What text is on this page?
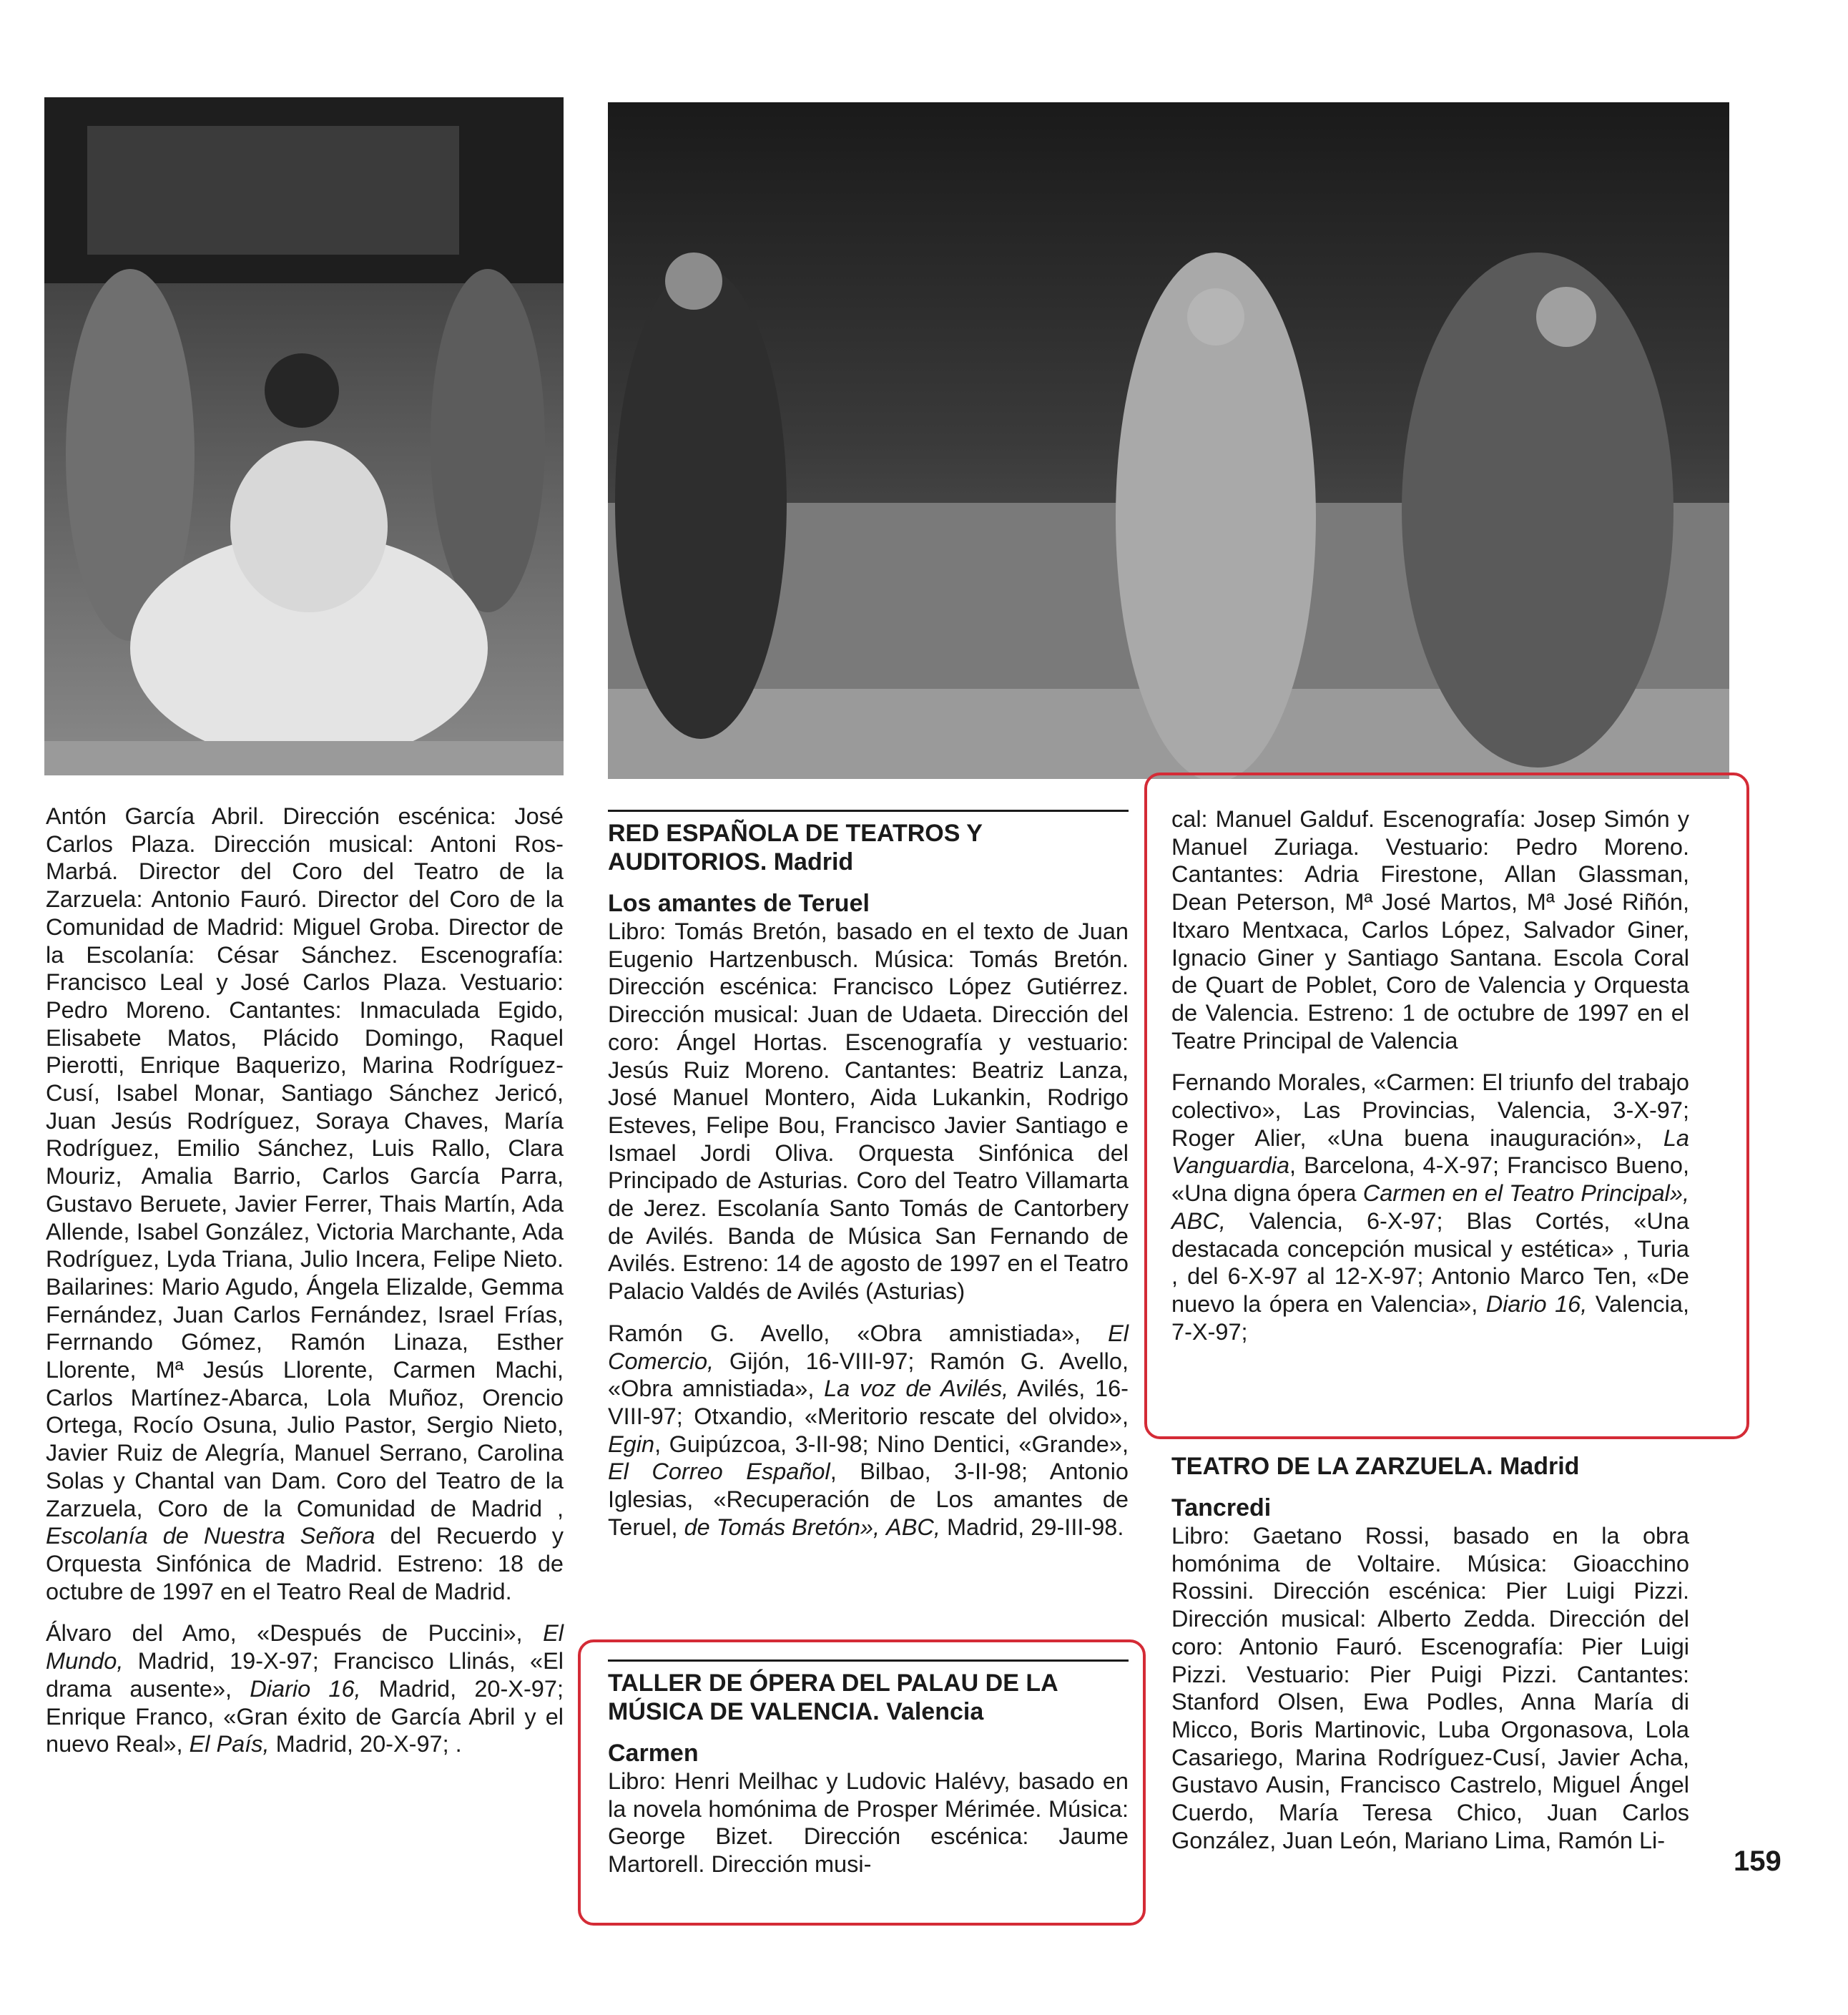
Antón García Abril. Dirección escénica: José Carlos Plaza. Dirección musical: Antoni Ros-Marbá. Director del Coro del Teatro de la Zarzuela: Antonio Fauró. Director del Coro de la Comunidad de Madrid: Miguel Groba. Director de la Escolanía: César Sánchez. Escenografía: Francisco Leal y José Carlos Plaza. Vestuario: Pedro Moreno. Cantantes: Inmaculada Egido, Elisabete Matos, Plácido Domingo, Raquel Pierotti, Enrique Baquerizo, Marina Rodríguez-Cusí, Isabel Monar, Santiago Sánchez Jericó, Juan Jesús Rodríguez, Soraya Chaves, María Rodríguez, Emilio Sánchez, Luis Rallo, Clara Mouriz, Amalia Barrio, Carlos García Parra, Gustavo Beruete, Javier Ferrer, Thais Martín, Ada Allende, Isabel González, Victoria Marchante, Ada Rodríguez, Lyda Triana, Julio Incera, Felipe Nieto. Bailarines: Mario Agudo, Ángela Elizalde, Gemma Fernández, Juan Carlos Fernández, Israel Frías, Ferrnando Gómez, Ramón Linaza, Esther Llorente, Mª Jesús Llorente, Carmen Machi, Carlos Martínez-Abarca, Lola Muñoz, Orencio Ortega, Rocío Osuna, Julio Pastor, Sergio Nieto, Javier Ruiz de Alegría, Manuel Serrano, Carolina Solas y Chantal van Dam. Coro del Teatro de la Zarzuela, Coro de la Comunidad de Madrid , Escolanía de Nuestra Señora del Recuerdo y Orquesta Sinfónica de Madrid. Estreno: 18 de octubre de 1997 en el Teatro Real de Madrid.

Álvaro del Amo, «Después de Puccini», El Mundo, Madrid, 19-X-97; Francisco Llinás, «El drama ausente», Diario 16, Madrid, 20-X-97; Enrique Franco, «Gran éxito de García Abril y el nuevo Real», El País, Madrid, 20-X-97; .

RED ESPAÑOLA DE TEATROS Y AUDITORIOS. Madrid
Los amantes de Teruel

Libro: Tomás Bretón, basado en el texto de Juan Eugenio Hartzenbusch. Música: Tomás Bretón. Dirección escénica: Francisco López Gutiérrez. Dirección musical: Juan de Udaeta. Dirección del coro: Ángel Hortas. Escenografía y vestuario: Jesús Ruiz Moreno. Cantantes: Beatriz Lanza, José Manuel Montero, Aida Lukankin, Rodrigo Esteves, Felipe Bou, Francisco Javier Santiago e Ismael Jordi Oliva. Orquesta Sinfónica del Principado de Asturias. Coro del Teatro Villamarta de Jerez. Escolanía Santo Tomás de Cantorbery de Avilés. Banda de Música San Fernando de Avilés. Estreno: 14 de agosto de 1997 en el Teatro Palacio Valdés de Avilés (Asturias)

Ramón G. Avello, «Obra amnistiada», El Comercio, Gijón, 16-VIII-97; Ramón G. Avello, «Obra amnistiada», La voz de Avilés, Avilés, 16-VIII-97; Otxandio, «Meritorio rescate del olvido», Egin, Guipúzcoa, 3-II-98; Nino Dentici, «Grande», El Correo Español, Bilbao, 3-II-98; Antonio Iglesias, «Recuperación de Los amantes de Teruel, de Tomás Bretón», ABC, Madrid, 29-III-98.

TALLER DE ÓPERA DEL PALAU DE LA MÚSICA DE VALENCIA. Valencia
Carmen

Libro: Henri Meilhac y Ludovic Halévy, basado en la novela homónima de Prosper Mérimée. Música: George Bizet. Dirección escénica: Jaume Martorell. Dirección musi-

cal: Manuel Galduf. Escenografía: Josep Simón y Manuel Zuriaga. Vestuario: Pedro Moreno. Cantantes: Adria Firestone, Allan Glassman, Dean Peterson, Mª José Martos, Mª José Riñón, Itxaro Mentxaca, Carlos López, Salvador Giner, Ignacio Giner y Santiago Santana. Escola Coral de Quart de Poblet, Coro de Valencia y Orquesta de Valencia. Estreno: 1 de octubre de 1997 en el Teatre Principal de Valencia

Fernando Morales, «Carmen: El triunfo del trabajo colectivo», Las Provincias, Valencia, 3-X-97; Roger Alier, «Una buena inauguración», La Vanguardia, Barcelona, 4-X-97; Francisco Bueno, «Una digna ópera Carmen en el Teatro Principal», ABC, Valencia, 6-X-97; Blas Cortés, «Una destacada concepción musical y estética» , Turia , del 6-X-97 al 12-X-97; Antonio Marco Ten, «De nuevo la ópera en Valencia», Diario 16, Valencia, 7-X-97;

TEATRO DE LA ZARZUELA. Madrid
Tancredi

Libro: Gaetano Rossi, basado en la obra homónima de Voltaire. Música: Gioacchino Rossini. Dirección escénica: Pier Luigi Pizzi. Dirección musical: Alberto Zedda. Dirección del coro: Antonio Fauró. Escenografía: Pier Luigi Pizzi. Vestuario: Pier Puigi Pizzi. Cantantes: Stanford Olsen, Ewa Podles, Anna María di Micco, Boris Martinovic, Luba Orgonasova, Lola Casariego, Marina Rodríguez-Cusí, Javier Acha, Gustavo Ausin, Francisco Castrelo, Miguel Ángel Cuerdo, María Teresa Chico, Juan Carlos González, Juan León, Mariano Lima, Ramón Li-

159
